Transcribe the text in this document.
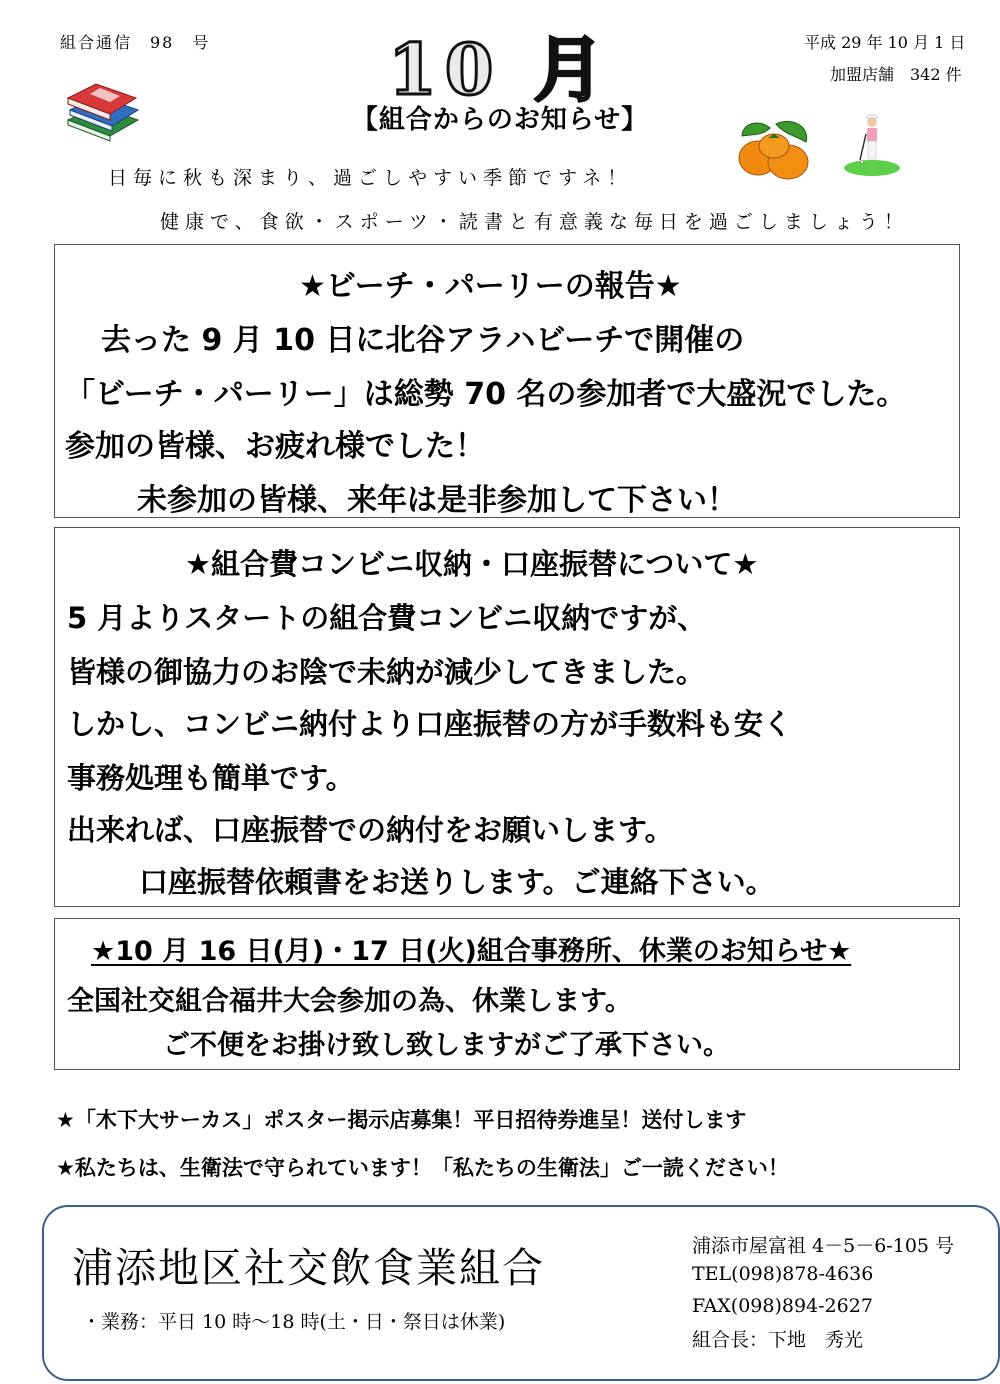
組合通信　98　号	平成 29 年 10 月 1 日
加盟店舗　342 件
10 月
【組合からのお知らせ】
日毎に秋も深まり、過ごしやすい季節ですネ！
健康で、食欲・スポーツ・読書と有意義な毎日を過ごしましょう！
★ビーチ・パーリーの報告★
去った 9 月 10 日に北谷アラハビーチで開催の
「ビーチ・パーリー」は総勢 70 名の参加者で大盛況でした。
参加の皆様、お疲れ様でした！
未参加の皆様、来年は是非参加して下さい！
★組合費コンビニ収納・口座振替について★
5 月よりスタートの組合費コンビニ収納ですが、
皆様の御協力のお陰で未納が減少してきました。
しかし、コンビニ納付より口座振替の方が手数料も安く
事務処理も簡単です。
出来れば、口座振替での納付をお願いします。
口座振替依頼書をお送りします。ご連絡下さい。
★10 月 16 日(月)・17 日(火)組合事務所、休業のお知らせ★
全国社交組合福井大会参加の為、休業します。
ご不便をお掛け致し致しますがご了承下さい。
★「木下大サーカス」ポスター掲示店募集！平日招待券進呈！送付します
★私たちは、生衛法で守られています！「私たちの生衛法」ご一読ください！
浦添地区社交飲食業組合
・業務：平日 10 時～18 時(土・日・祭日は休業)
浦添市屋富祖 4－5－6-105 号
TEL(098)878-4636
FAX(098)894-2627
組合長：下地　秀光
